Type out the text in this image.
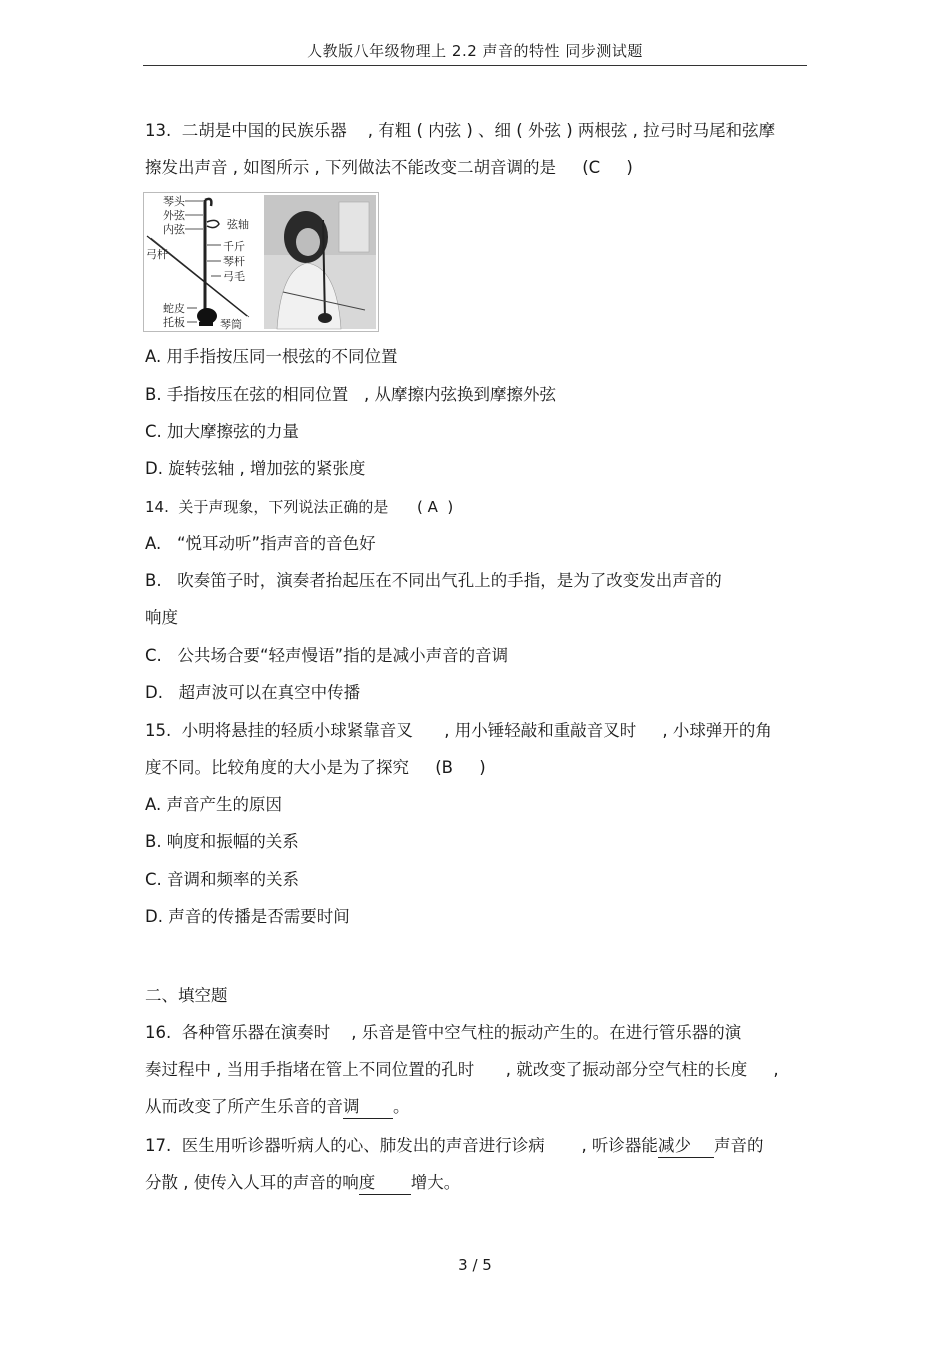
人教版八年级物理上 2.2 声音的特性 同步测试题
13.  二胡是中国的民族乐器    , 有粗 ( 内弦 ) 、细 ( 外弦 ) 两根弦 , 拉弓时马尾和弦摩
擦发出声音 , 如图所示 , 下列做法不能改变二胡音调的是     (C     )
琴头
外弦
内弦	弦轴
弓杆
千斤
琴杆
弓毛
蛇皮
托板	琴筒
A. 用手指按压同一根弦的不同位置
B. 手指按压在弦的相同位置   , 从摩擦内弦换到摩擦外弦
C. 加大摩擦弦的力量
D. 旋转弦轴 , 增加弦的紧张度
14.  关于声现象，下列说法正确的是      ( A  )
A.   “悦耳动听”指声音的音色好
B.   吹奏笛子时，演奏者抬起压在不同出气孔上的手指，是为了改变发出声音的
响度
C.   公共场合要“轻声慢语”指的是减小声音的音调
D.   超声波可以在真空中传播
15.  小明将悬挂的轻质小球紧靠音叉      , 用小锤轻敲和重敲音叉时     , 小球弹开的角
度不同。比较角度的大小是为了探究     (B     )
A. 声音产生的原因
B. 响度和振幅的关系
C. 音调和频率的关系
D. 声音的传播是否需要时间
二、填空题
16.  各种管乐器在演奏时    , 乐音是管中空气柱的振动产生的。在进行管乐器的演
奏过程中 , 当用手指堵在管上不同位置的孔时      , 就改变了振动部分空气柱的长度     ,
从而改变了所产生乐音的音调 。
17.  医生用听诊器听病人的心、肺发出的声音进行诊病       , 听诊器能减少 声音的
分散 , 使传入人耳的声音的响度 增大。
3 / 5
